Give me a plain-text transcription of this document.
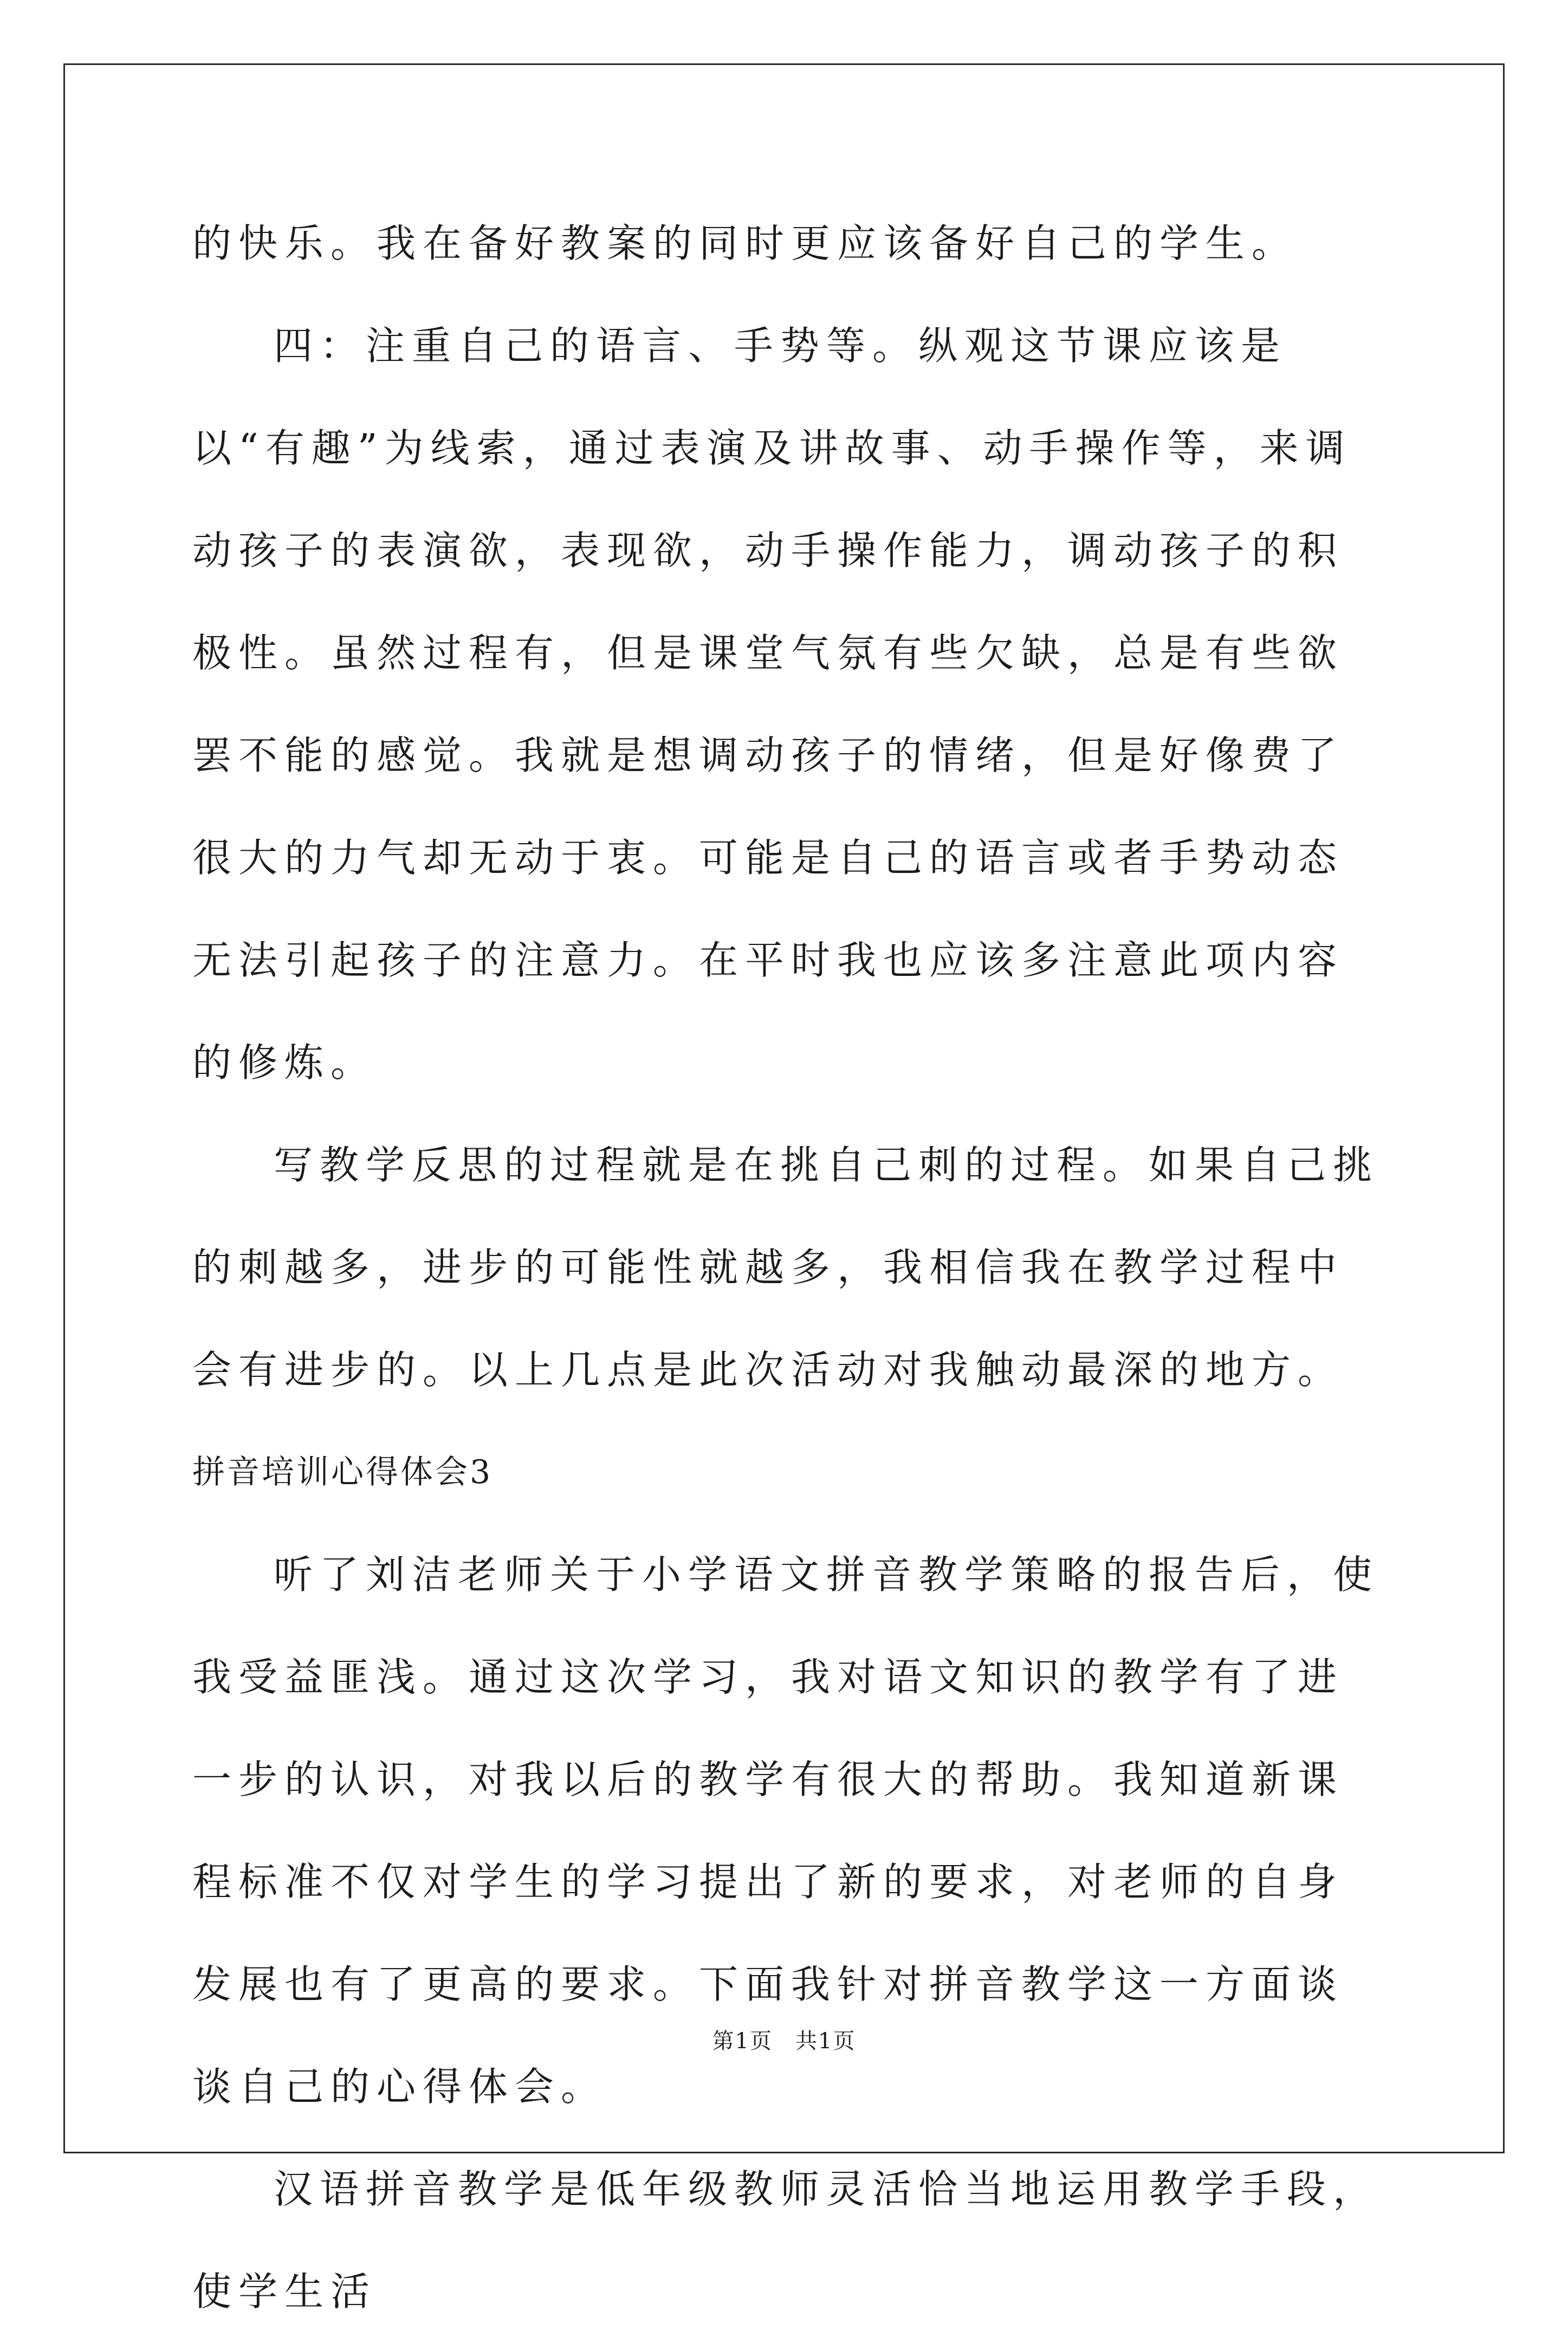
的快乐。我在备好教案的同时更应该备好自己的学生。

四：注重自己的语言、手势等。纵观这节课应该是以“有趣”为线索，通过表演及讲故事、动手操作等，来调动孩子的表演欲，表现欲，动手操作能力，调动孩子的积极性。虽然过程有，但是课堂气氛有些欠缺，总是有些欲罢不能的感觉。我就是想调动孩子的情绪，但是好像费了很大的力气却无动于衷。可能是自己的语言或者手势动态无法引起孩子的注意力。在平时我也应该多注意此项内容的修炼。

写教学反思的过程就是在挑自己刺的过程。如果自己挑的刺越多，进步的可能性就越多，我相信我在教学过程中会有进步的。以上几点是此次活动对我触动最深的地方。

拼音培训心得体会3

听了刘洁老师关于小学语文拼音教学策略的报告后，使我受益匪浅。通过这次学习，我对语文知识的教学有了进一步的认识，对我以后的教学有很大的帮助。我知道新课程标准不仅对学生的学习提出了新的要求，对老师的自身发展也有了更高的要求。下面我针对拼音教学这一方面谈谈自己的心得体会。

汉语拼音教学是低年级教师灵活恰当地运用教学手段，使学生活

第1页　共1页
